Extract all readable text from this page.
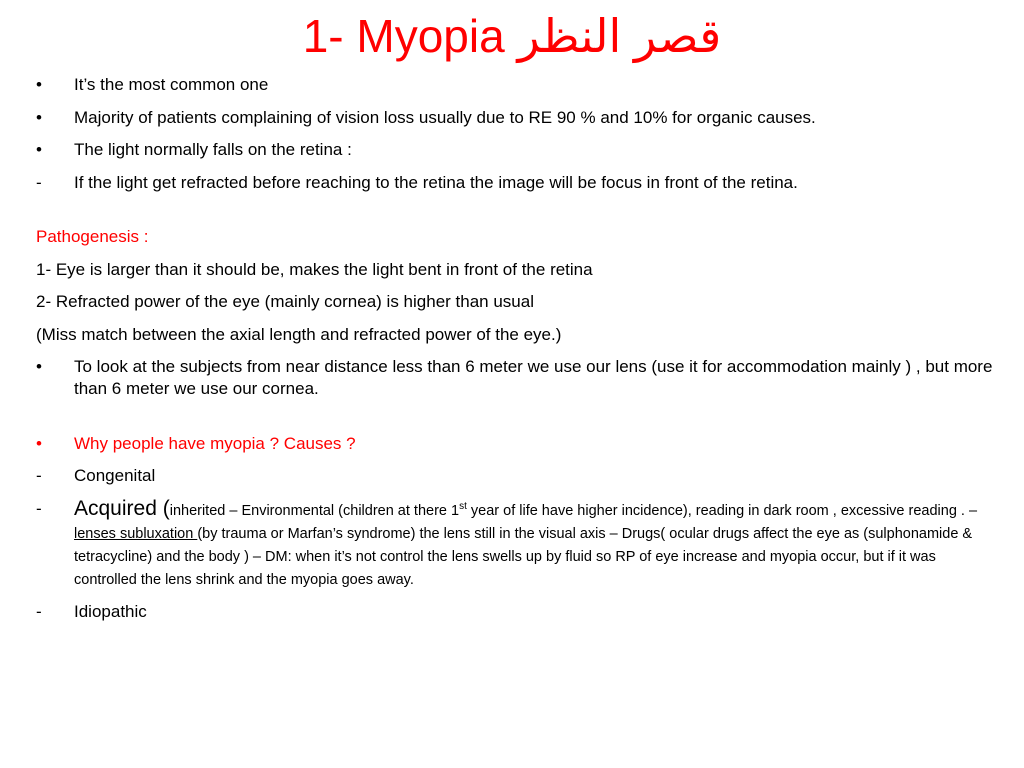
1- Myopia قصر النظر
•	It’s the most common one
•	Majority of patients complaining of vision loss usually due to RE 90 % and 10% for organic causes.
•	The light normally falls on the retina :
-	If the light get refracted before reaching to the retina the image will be focus in front of the retina.
Pathogenesis :
1- Eye is larger than it should be, makes the light bent in front of the retina
2- Refracted power of the eye (mainly cornea) is higher than usual
(Miss match between the axial length and refracted power of the eye.)
•	To look at the subjects from near distance less than 6 meter we use our lens (use it for accommodation mainly ) , but more than 6 meter we use our cornea.
•	Why people have myopia ? Causes ?
-	Congenital
-	Acquired (inherited – Environmental (children at there 1st year of life have higher incidence), reading in dark room , excessive reading . – lenses subluxation (by trauma or Marfan’s syndrome) the lens still in the visual axis – Drugs( ocular drugs affect the eye as (sulphonamide & tetracycline) and the body ) – DM: when it’s not control the lens swells up by fluid so RP of eye increase and myopia occur, but if it was controlled the lens shrink and the myopia goes away.
-	Idiopathic
